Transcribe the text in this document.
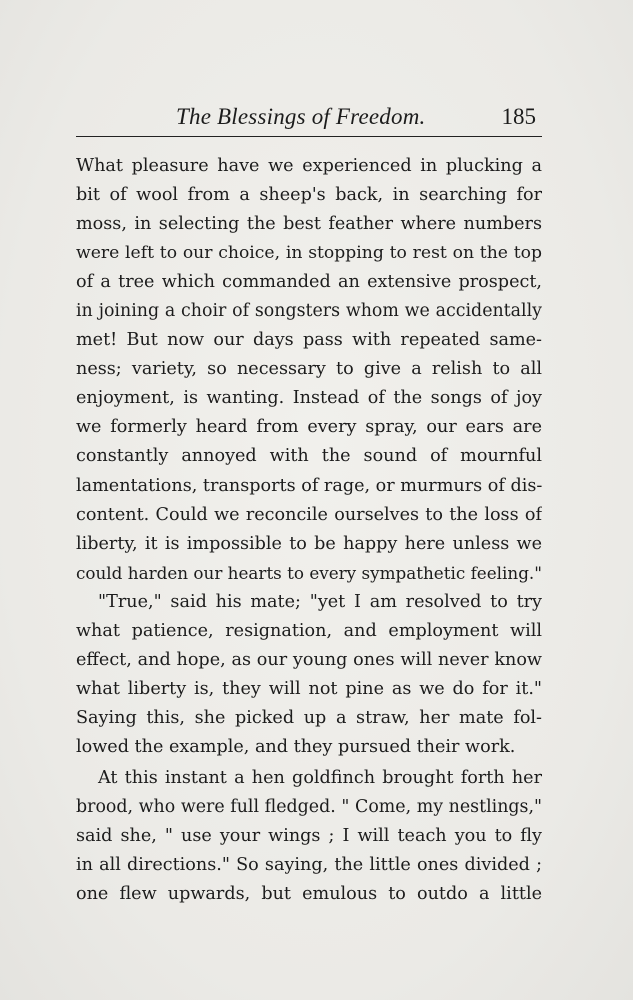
The Blessings of Freedom.	185
What pleasure have we experienced in plucking a
bit of wool from a sheep's back, in searching for
moss, in selecting the best feather where numbers
were left to our choice, in stopping to rest on the top
of a tree which commanded an extensive prospect,
in joining a choir of songsters whom we accidentally
met! But now our days pass with repeated same-
ness; variety, so necessary to give a relish to all
enjoyment, is wanting. Instead of the songs of joy
we formerly heard from every spray, our ears are
constantly annoyed with the sound of mournful
lamentations, transports of rage, or murmurs of dis-
content. Could we reconcile ourselves to the loss of
liberty, it is impossible to be happy here unless we
could harden our hearts to every sympathetic feeling."
"True," said his mate; "yet I am resolved to try
what patience, resignation, and employment will
effect, and hope, as our young ones will never know
what liberty is, they will not pine as we do for it."
Saying this, she picked up a straw, her mate fol-
lowed the example, and they pursued their work.
At this instant a hen goldfinch brought forth her
brood, who were full fledged. " Come, my nestlings,"
said she, " use your wings ; I will teach you to fly
in all directions." So saying, the little ones divided ;
one flew upwards, but emulous to outdo a little
